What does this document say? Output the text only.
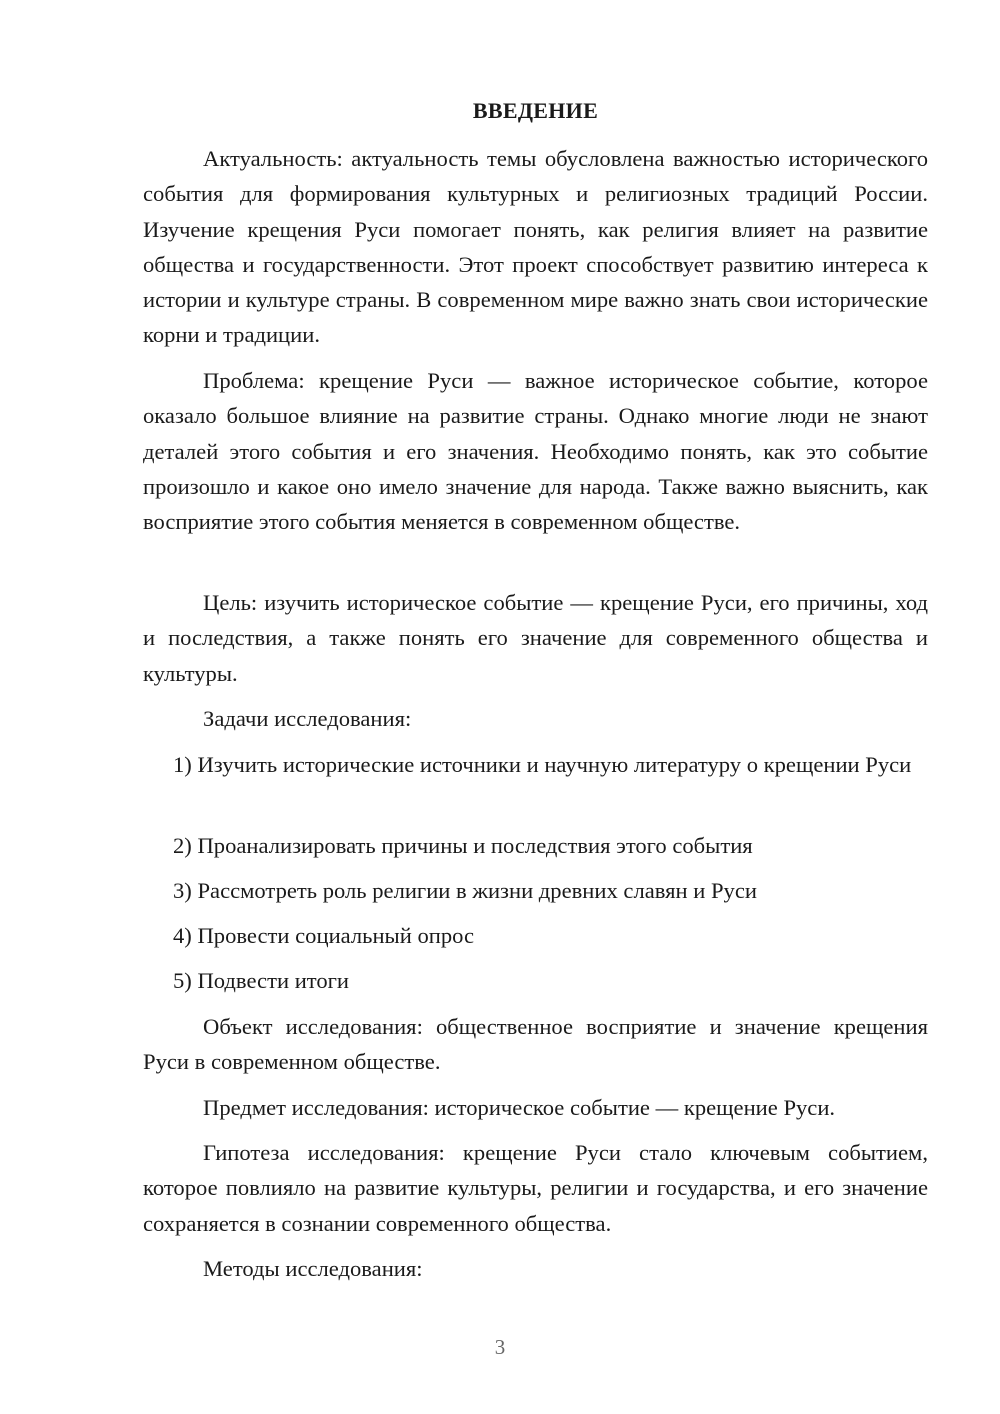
ВВЕДЕНИЕ

Актуальность: актуальность темы обусловлена важностью исторического события для формирования культурных и религиозных традиций России. Изучение крещения Руси помогает понять, как религия влияет на развитие общества и государственности. Этот проект способствует развитию интереса к истории и культуре страны. В современном мире важно знать свои исторические корни и традиции.

Проблема: крещение Руси — важное историческое событие, которое оказало большое влияние на развитие страны. Однако многие люди не знают деталей этого события и его значения. Необходимо понять, как это событие произошло и какое оно имело значение для народа. Также важно выяснить, как восприятие этого события меняется в современном обществе.

Цель: изучить историческое событие — крещение Руси, его причины, ход и последствия, а также понять его значение для современного общества и культуры.

Задачи исследования:

1) Изучить исторические источники и научную литературу о крещении Руси

2) Проанализировать причины и последствия этого события

3) Рассмотреть роль религии в жизни древних славян и Руси

4) Провести социальный опрос

5) Подвести итоги

Объект исследования: общественное восприятие и значение крещения Руси в современном обществе.

Предмет исследования: историческое событие — крещение Руси.

Гипотеза исследования: крещение Руси стало ключевым событием, которое повлияло на развитие культуры, религии и государства, и его значение сохраняется в сознании современного общества.

Методы исследования:

3
